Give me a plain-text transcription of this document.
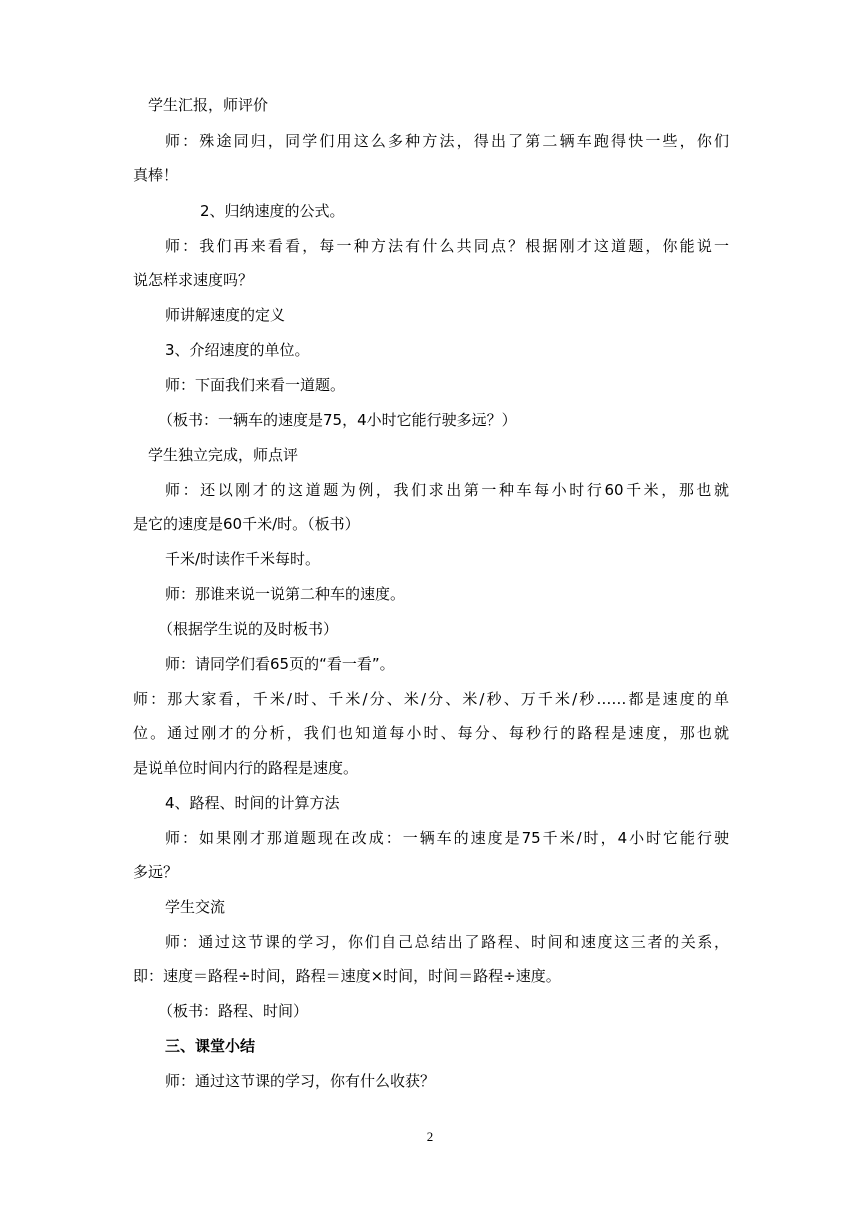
学生汇报，师评价
师：殊途同归，同学们用这么多种方法，得出了第二辆车跑得快一些，你们
真棒！
2、归纳速度的公式。
师：我们再来看看，每一种方法有什么共同点？根据刚才这道题，你能说一
说怎样求速度吗？
师讲解速度的定义
3、介绍速度的单位。
师：下面我们来看一道题。
（板书：一辆车的速度是75，4小时它能行驶多远？）
学生独立完成，师点评
师：还以刚才的这道题为例，我们求出第一种车每小时行60千米，那也就
是它的速度是60千米/时。（板书）
千米/时读作千米每时。
师：那谁来说一说第二种车的速度。
（根据学生说的及时板书）
师：请同学们看65页的“看一看”。
师：那大家看，千米/时、千米/分、米/分、米/秒、万千米/秒……都是速度的单
位。通过刚才的分析，我们也知道每小时、每分、每秒行的路程是速度，那也就
是说单位时间内行的路程是速度。
4、路程、时间的计算方法
师：如果刚才那道题现在改成：一辆车的速度是75千米/时，4小时它能行驶
多远？
学生交流
师：通过这节课的学习，你们自己总结出了路程、时间和速度这三者的关系，
即：速度＝路程÷时间，路程＝速度×时间，时间＝路程÷速度。
（板书：路程、时间）
三、课堂小结
师：通过这节课的学习，你有什么收获？
2
